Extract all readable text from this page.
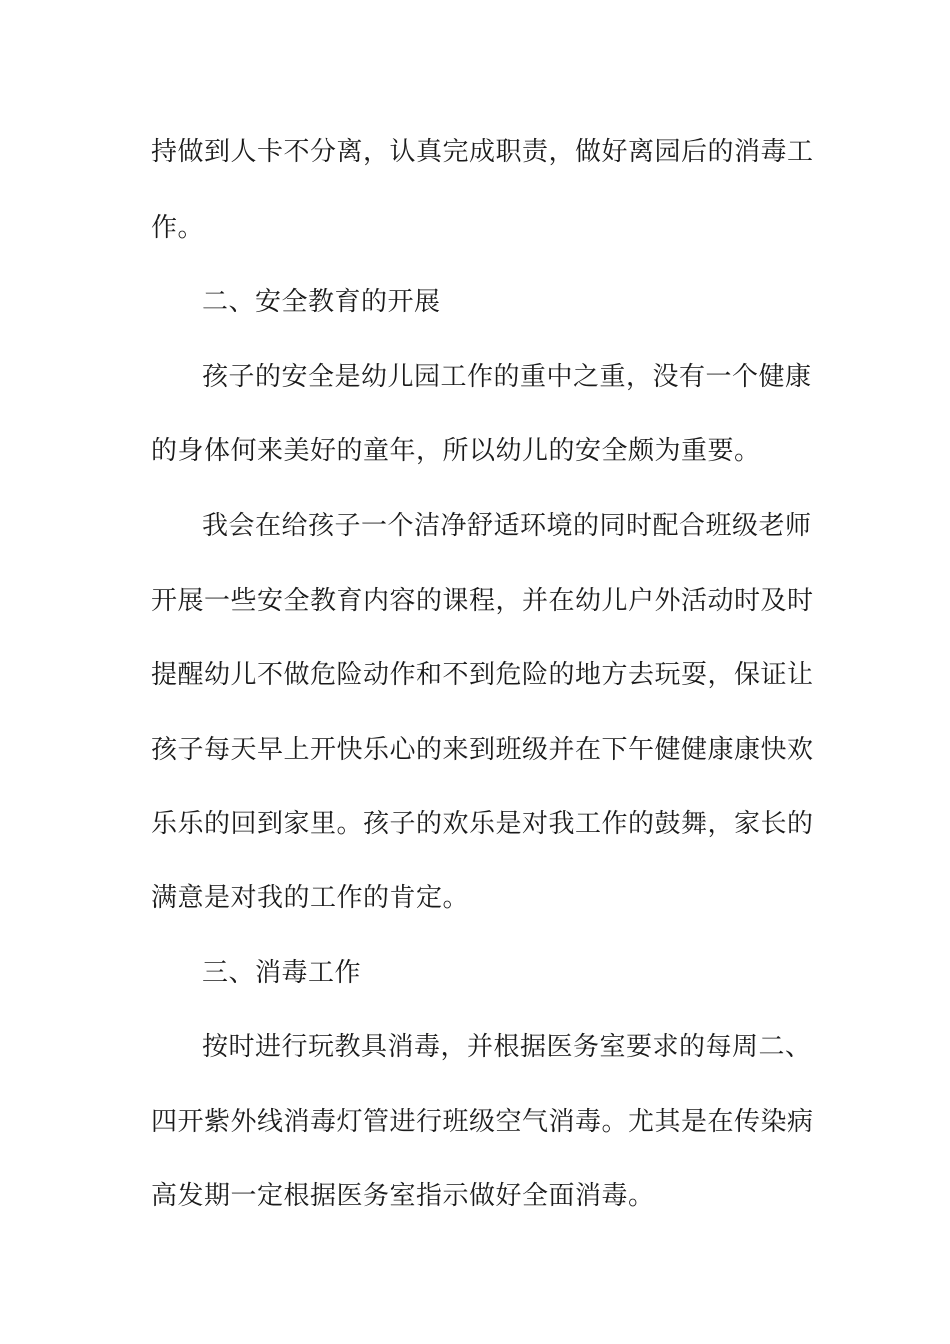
持做到人卡不分离，认真完成职责，做好离园后的消毒工
作。
二、安全教育的开展
孩子的安全是幼儿园工作的重中之重，没有一个健康
的身体何来美好的童年，所以幼儿的安全颇为重要。
我会在给孩子一个洁净舒适环境的同时配合班级老师
开展一些安全教育内容的课程，并在幼儿户外活动时及时
提醒幼儿不做危险动作和不到危险的地方去玩耍，保证让
孩子每天早上开快乐心的来到班级并在下午健健康康快欢
乐乐的回到家里。孩子的欢乐是对我工作的鼓舞，家长的
满意是对我的工作的肯定。
三、消毒工作
按时进行玩教具消毒，并根据医务室要求的每周二、
四开紫外线消毒灯管进行班级空气消毒。尤其是在传染病
高发期一定根据医务室指示做好全面消毒。
